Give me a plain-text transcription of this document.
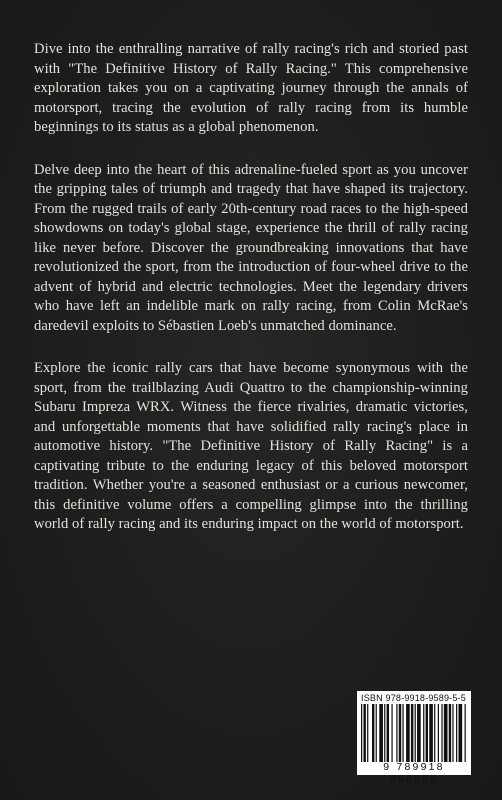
Dive into the enthralling narrative of rally racing's rich and storied past with "The Definitive History of Rally Racing." This comprehensive exploration takes you on a captivating journey through the annals of motorsport, tracing the evolution of rally racing from its humble beginnings to its status as a global phenomenon.

Delve deep into the heart of this adrenaline-fueled sport as you uncover the gripping tales of triumph and tragedy that have shaped its trajectory. From the rugged trails of early 20th-century road races to the high-speed showdowns on today's global stage, experience the thrill of rally racing like never before. Discover the groundbreaking innovations that have revolutionized the sport, from the introduction of four-wheel drive to the advent of hybrid and electric technologies. Meet the legendary drivers who have left an indelible mark on rally racing, from Colin McRae's daredevil exploits to Sébastien Loeb's unmatched dominance.

Explore the iconic rally cars that have become synonymous with the sport, from the trailblazing Audi Quattro to the championship-winning Subaru Impreza WRX. Witness the fierce rivalries, dramatic victories, and unforgettable moments that have solidified rally racing's place in automotive history. "The Definitive History of Rally Racing" is a captivating tribute to the enduring legacy of this beloved motorsport tradition. Whether you're a seasoned enthusiast or a curious newcomer, this definitive volume offers a compelling glimpse into the thrilling world of rally racing and its enduring impact on the world of motorsport.

ISBN 978-9918-9589-5-5
9 789918 958955
